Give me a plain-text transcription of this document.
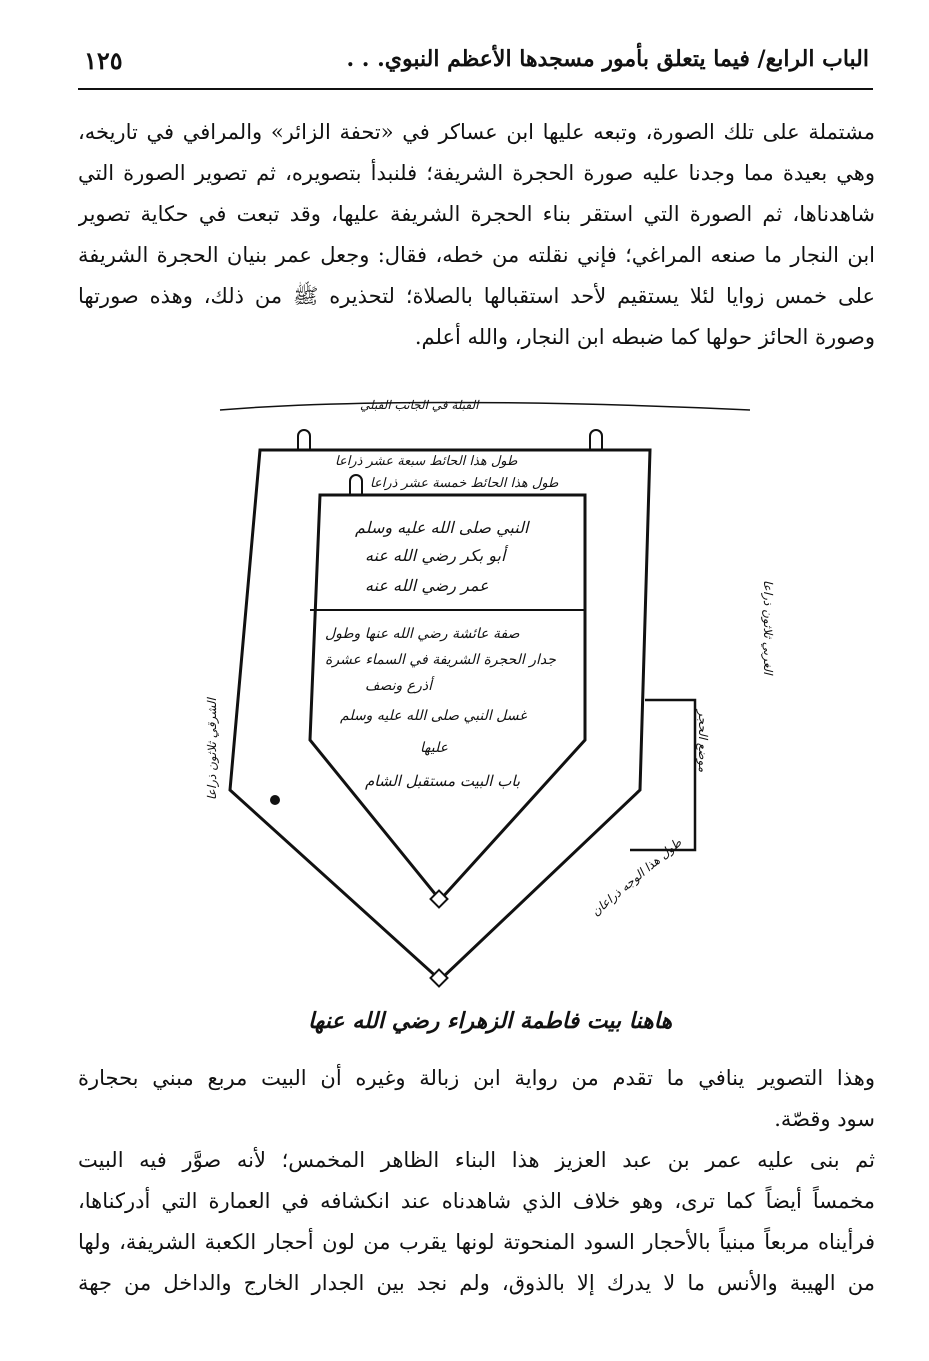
١٢٥	الباب الرابع/ فيما يتعلق بأمور مسجدها الأعظم النبوي. . .
مشتملة على تلك الصورة، وتبعه عليها ابن عساكر في «تحفة الزائر» والمرافي في تاريخه،
وهي بعيدة مما وجدنا عليه صورة الحجرة الشريفة؛ فلنبدأ بتصويره، ثم تصوير الصورة التي
شاهدناها، ثم الصورة التي استقر بناء الحجرة الشريفة عليها، وقد تبعت في حكاية تصوير
ابن النجار ما صنعه المراغي؛ فإني نقلته من خطه، فقال: وجعل عمر بنيان الحجرة الشريفة
على خمس زوايا لئلا يستقيم لأحد استقبالها بالصلاة؛ لتحذيره ﷺ من ذلك، وهذه صورتها
وصورة الحائز حولها كما ضبطه ابن النجار، والله أعلم.
طول هذا الحائط سبعة عشر ذراعا
طول هذا الحائط خمسة عشر ذراعا
القبلة في الجانب القبلي
النبي صلى الله عليه وسلم
أبو بكر رضي الله عنه
عمر رضي الله عنه
صفة عائشة رضي الله عنها وطول
جدار الحجرة الشريفة في السماء عشرة
أذرع ونصف
غسل النبي صلى الله عليه وسلم
عليها
باب البيت مستقبل الشام
الشرقي ثلاثون ذراعا
الغربي ثلاثون ذراعا
موضع الحجر
طول هذا الوجه ذراعان
هاهنا بيت فاطمة الزهراء رضي الله عنها
وهذا التصوير ينافي ما تقدم من رواية ابن زبالة وغيره أن البيت مربع مبني بحجارة
سود وقصّة.
ثم بنى عليه عمر بن عبد العزيز هذا البناء الظاهر المخمس؛ لأنه صوَّر فيه البيت
مخمساً أيضاً كما ترى، وهو خلاف الذي شاهدناه عند انكشافه في العمارة التي أدركناها،
فرأيناه مربعاً مبنياً بالأحجار السود المنحوتة لونها يقرب من لون أحجار الكعبة الشريفة، ولها
من الهيبة والأنس ما لا يدرك إلا بالذوق، ولم نجد بين الجدار الخارج والداخل من جهة
